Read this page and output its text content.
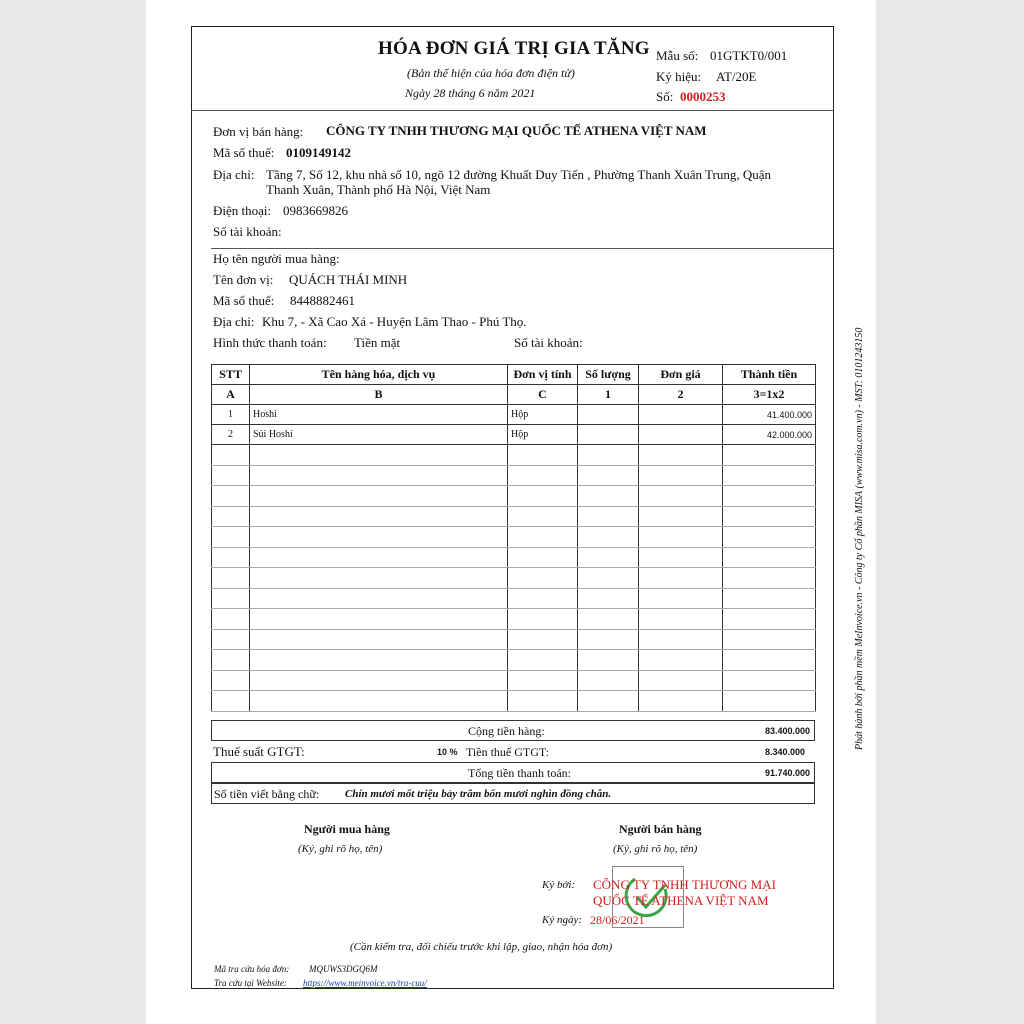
HÓA ĐƠN GIÁ TRỊ GIA TĂNG
(Bản thể hiện của hóa đơn điện tử)
Ngày 28 tháng 6 năm 2021
Mẫu số: 01GTKT0/001
Ký hiệu: AT/20E
Số: 0000253
Đơn vị bán hàng: CÔNG TY TNHH THƯƠNG MẠI QUỐC TẾ ATHENA VIỆT NAM
Mã số thuế: 0109149142
Địa chỉ: Tầng 7, Số 12, khu nhà số 10, ngõ 12 đường Khuất Duy Tiến , Phường Thanh Xuân Trung, Quận
Thanh Xuân, Thành phố Hà Nội, Việt Nam
Điện thoại: 0983669826
Số tài khoản:
Họ tên người mua hàng:
Tên đơn vị: QUÁCH THÁI MINH
Mã số thuế: 8448882461
Địa chỉ: Khu 7, - Xã Cao Xá - Huyện Lâm Thao - Phú Thọ.
Hình thức thanh toán: Tiền mặt	Số tài khoản:
STT	Tên hàng hóa, dịch vụ	Đơn vị tính	Số lượng	Đơn giá	Thành tiền
A	B	C	1	2	3=1x2
1	Hoshi	Hộp			41.400.000
2	Sủi Hoshi	Hộp			42.000.000

Cộng tiền hàng:	83.400.000
Thuế suất GTGT:	10 % Tiền thuế GTGT:	8.340.000
Tổng tiền thanh toán:	91.740.000
Số tiền viết bằng chữ: Chín mươi mốt triệu bảy trăm bốn mươi nghìn đồng chẵn.
Người mua hàng
(Ký, ghi rõ họ, tên)
Người bán hàng
(Ký, ghi rõ họ, tên)
Ký bởi: CÔNG TY TNHH THƯƠNG MẠI
QUỐC TẾ ATHENA VIỆT NAM
Ký ngày: 28/06/2021
(Cần kiểm tra, đối chiếu trước khi lập, giao, nhận hóa đơn)
Mã tra cứu hóa đơn: MQUWS3DGQ6M
Tra cứu tại Website: https://www.meinvoice.vn/tra-cuu/
Phát hành bởi phần mềm MeInvoice.vn - Công ty Cổ phần MISA (www.misa.com.vn) - MST: 0101243150
